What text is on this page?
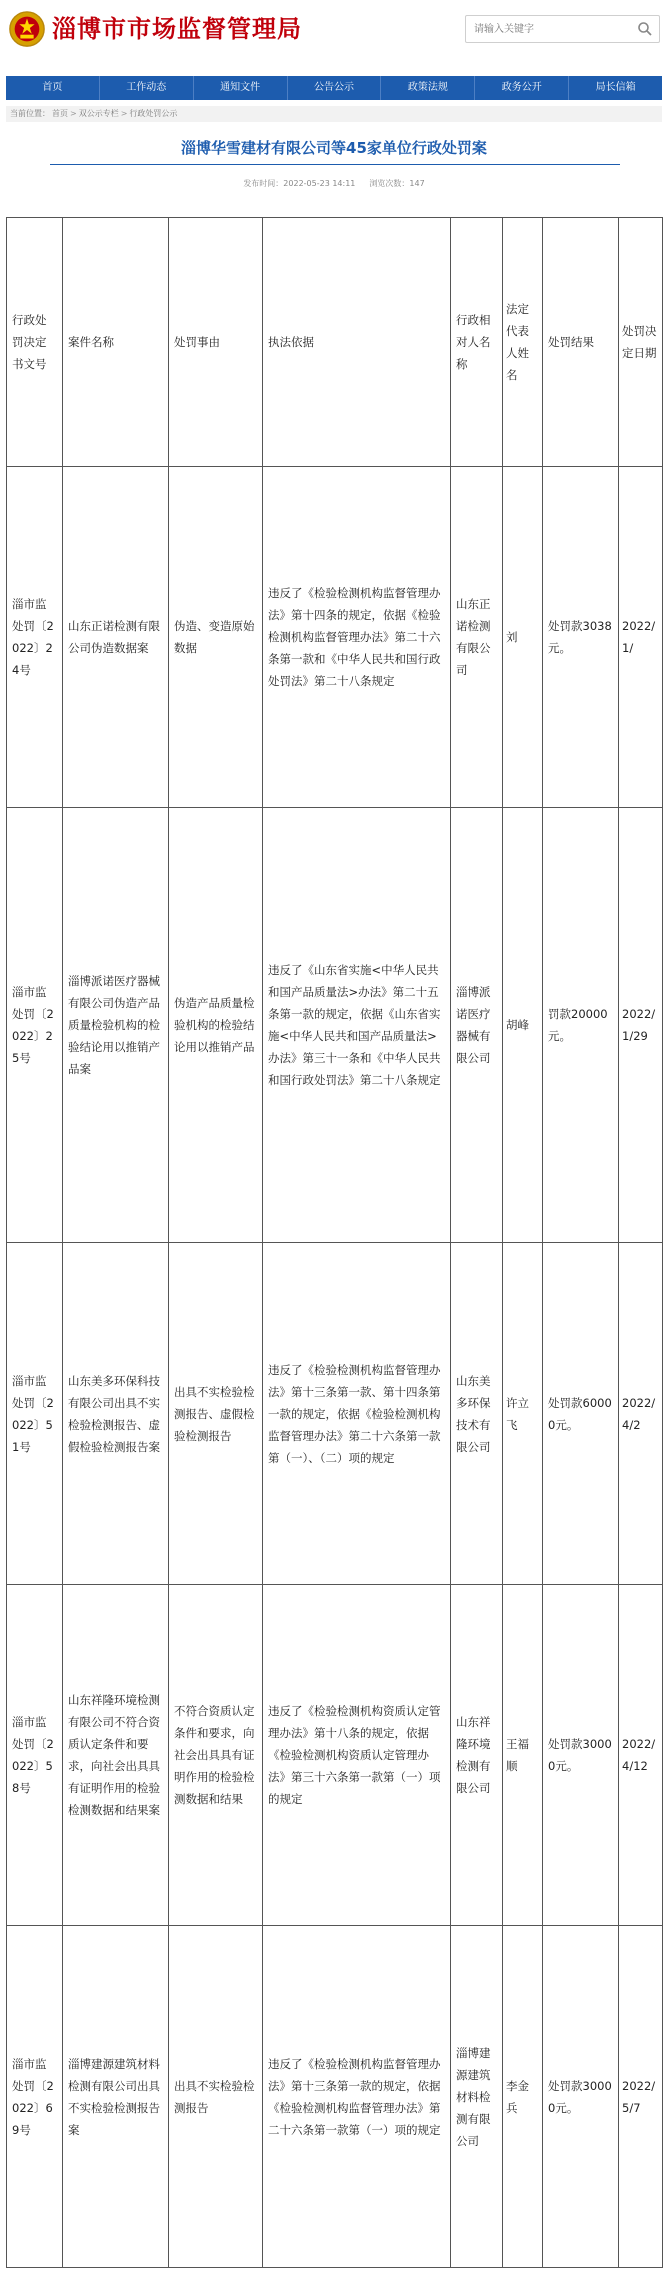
淄博市市场监督管理局
请输入关键字
首页	工作动态	通知文件	公告公示	政策法规	政务公开	局长信箱
当前位置： 首页 > 双公示专栏 > 行政处罚公示
淄博华雪建材有限公司等45家单位行政处罚案
发布时间：2022-05-23 14:11 浏览次数：147
行政处罚决定书文号	案件名称	处罚事由	执法依据	行政相对人名称	法定代表人姓名	处罚结果	处罚决定日期
淄市监处罚〔2022〕24号	山东正诺检测有限公司伪造数据案	伪造、变造原始数据	违反了《检验检测机构监督管理办法》第十四条的规定，依据《检验检测机构监督管理办法》第二十六条第一款和《中华人民共和国行政处罚法》第二十八条规定	山东正诺检测有限公司	刘	处罚款3038元。	2022/1/
淄市监处罚〔2022〕25号	淄博派诺医疗器械有限公司伪造产品质量检验机构的检验结论用以推销产品案	伪造产品质量检验机构的检验结论用以推销产品	违反了《山东省实施<中华人民共和国产品质量法>办法》第二十五条第一款的规定，依据《山东省实施<中华人民共和国产品质量法>办法》第三十一条和《中华人民共和国行政处罚法》第二十八条规定	淄博派诺医疗器械有限公司	胡峰	罚款20000元。	2022/1/29
淄市监处罚〔2022〕51号	山东美多环保科技有限公司出具不实检验检测报告、虚假检验检测报告案	出具不实检验检测报告、虚假检验检测报告	违反了《检验检测机构监督管理办法》第十三条第一款、第十四条第一款的规定，依据《检验检测机构监督管理办法》第二十六条第一款第（一）、（二）项的规定	山东美多环保技术有限公司	许立飞	处罚款60000元。	2022/4/2
淄市监处罚〔2022〕58号	山东祥隆环境检测有限公司不符合资质认定条件和要求，向社会出具具有证明作用的检验检测数据和结果案	不符合资质认定条件和要求，向社会出具具有证明作用的检验检测数据和结果	违反了《检验检测机构资质认定管理办法》第十八条的规定，依据《检验检测机构资质认定管理办法》第三十六条第一款第（一）项的规定	山东祥隆环境检测有限公司	王福顺	处罚款30000元。	2022/4/12
淄市监处罚〔2022〕69号	淄博建源建筑材料检测有限公司出具不实检验检测报告案	出具不实检验检测报告	违反了《检验检测机构监督管理办法》第十三条第一款的规定，依据《检验检测机构监督管理办法》第二十六条第一款第（一）项的规定	淄博建源建筑材料检测有限公司	李金兵	处罚款30000元。	2022/5/7
